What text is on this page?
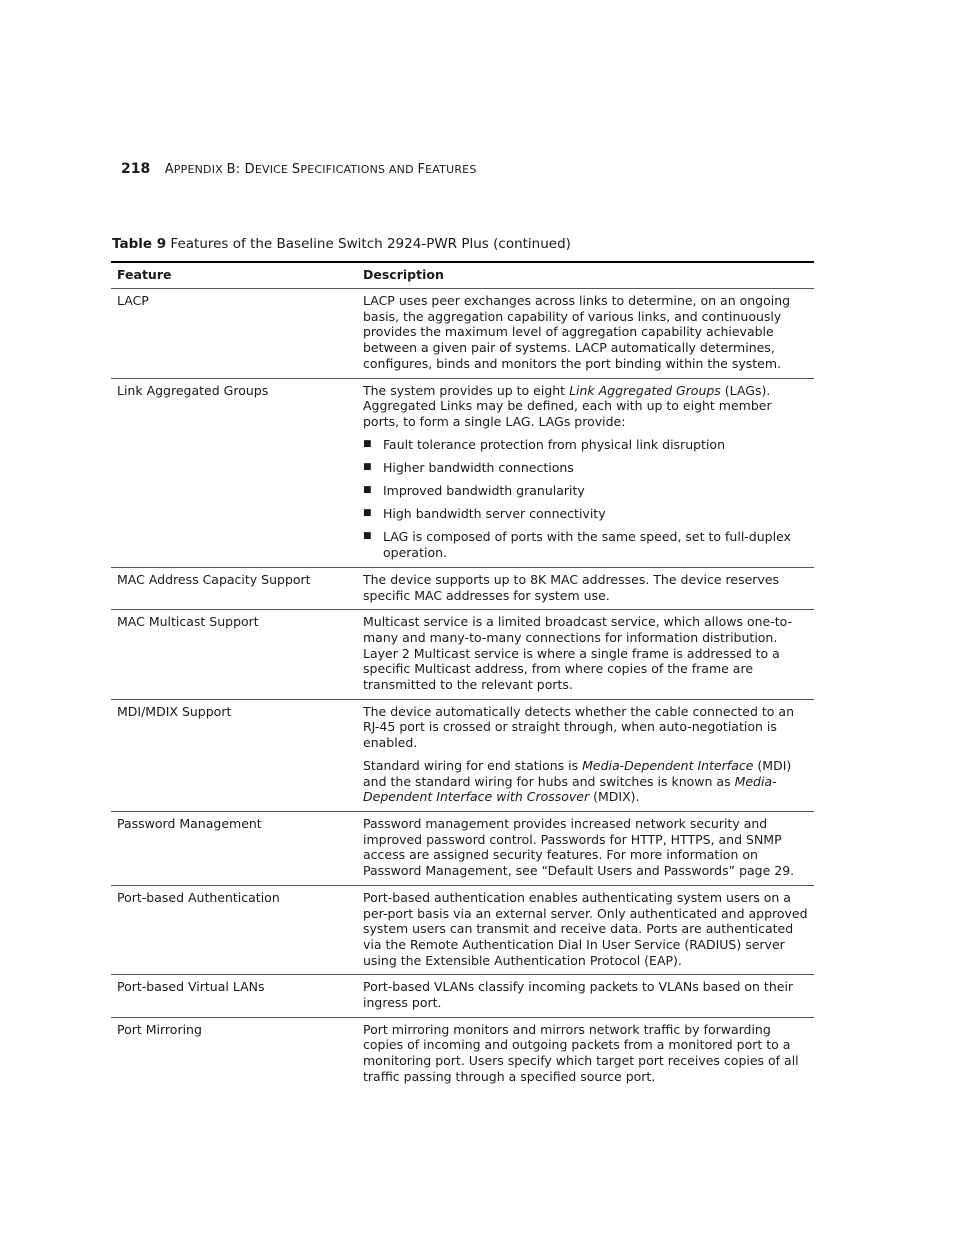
218 APPENDIX B: DEVICE SPECIFICATIONS AND FEATURES
Table 9 Features of the Baseline Switch 2924-PWR Plus (continued)
Feature	Description
LACP	LACP uses peer exchanges across links to determine, on an ongoing basis, the aggregation capability of various links, and continuously provides the maximum level of aggregation capability achievable between a given pair of systems. LACP automatically determines, configures, binds and monitors the port binding within the system.
Link Aggregated Groups	The system provides up to eight Link Aggregated Groups (LAGs). Aggregated Links may be defined, each with up to eight member ports, to form a single LAG. LAGs provide:
■ Fault tolerance protection from physical link disruption
■ Higher bandwidth connections
■ Improved bandwidth granularity
■ High bandwidth server connectivity
■ LAG is composed of ports with the same speed, set to full-duplex operation.
MAC Address Capacity Support	The device supports up to 8K MAC addresses. The device reserves specific MAC addresses for system use.
MAC Multicast Support	Multicast service is a limited broadcast service, which allows one-to-many and many-to-many connections for information distribution. Layer 2 Multicast service is where a single frame is addressed to a specific Multicast address, from where copies of the frame are transmitted to the relevant ports.
MDI/MDIX Support	The device automatically detects whether the cable connected to an RJ-45 port is crossed or straight through, when auto-negotiation is enabled.
Standard wiring for end stations is Media-Dependent Interface (MDI) and the standard wiring for hubs and switches is known as Media-Dependent Interface with Crossover (MDIX).
Password Management	Password management provides increased network security and improved password control. Passwords for HTTP, HTTPS, and SNMP access are assigned security features. For more information on Password Management, see “Default Users and Passwords” page 29.
Port-based Authentication	Port-based authentication enables authenticating system users on a per-port basis via an external server. Only authenticated and approved system users can transmit and receive data. Ports are authenticated via the Remote Authentication Dial In User Service (RADIUS) server using the Extensible Authentication Protocol (EAP).
Port-based Virtual LANs	Port-based VLANs classify incoming packets to VLANs based on their ingress port.
Port Mirroring	Port mirroring monitors and mirrors network traffic by forwarding copies of incoming and outgoing packets from a monitored port to a monitoring port. Users specify which target port receives copies of all traffic passing through a specified source port.
